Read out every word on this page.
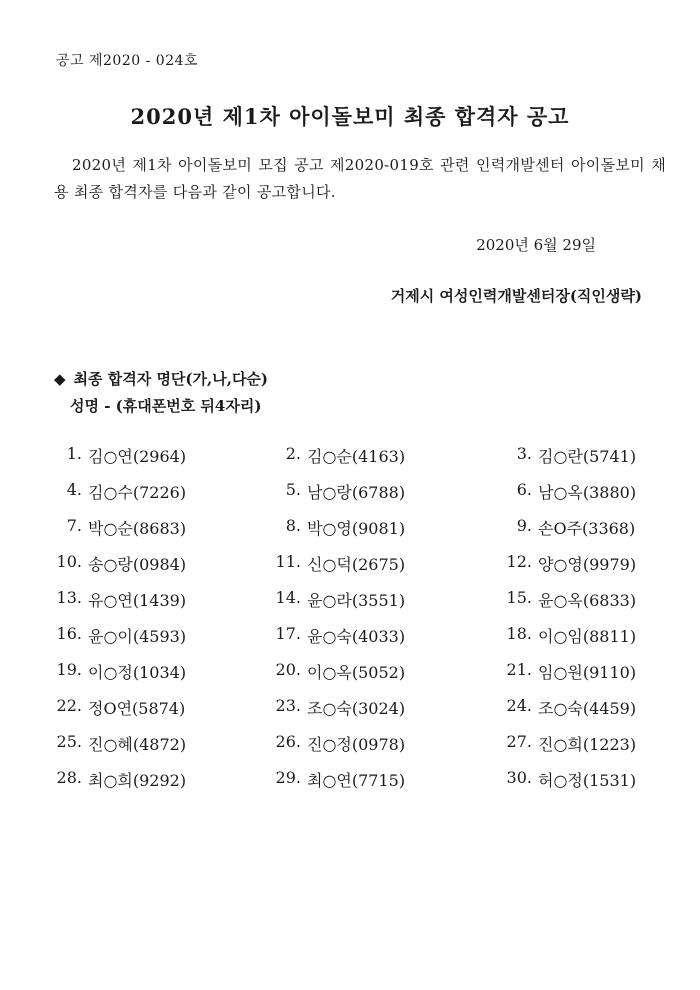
공고 제2020 - 024호
2020년 제1차 아이돌보미 최종 합격자 공고
2020년 제1차 아이돌보미 모집 공고 제2020-019호 관련 인력개발센터 아이돌보미 채용 최종 합격자를 다음과 같이 공고합니다.
2020년 6월 29일
거제시 여성인력개발센터장(직인생략)
◆ 최종 합격자 명단(가,나,다순)
성명 - (휴대폰번호 뒤4자리)
1. 김○연(2964)	2. 김○순(4163)	3. 김○란(5741)
4. 김○수(7226)	5. 남○랑(6788)	6. 남○옥(3880)
7. 박○순(8683)	8. 박○영(9081)	9. 손O주(3368)
10. 송○랑(0984)	11. 신○덕(2675)	12. 양○영(9979)
13. 유○연(1439)	14. 윤○라(3551)	15. 윤○옥(6833)
16. 윤○이(4593)	17. 윤○숙(4033)	18. 이○임(8811)
19. 이○정(1034)	20. 이○옥(5052)	21. 임○원(9110)
22. 정O연(5874)	23. 조○숙(3024)	24. 조○숙(4459)
25. 진○혜(4872)	26. 진○정(0978)	27. 진○희(1223)
28. 최○희(9292)	29. 최○연(7715)	30. 허○정(1531)
